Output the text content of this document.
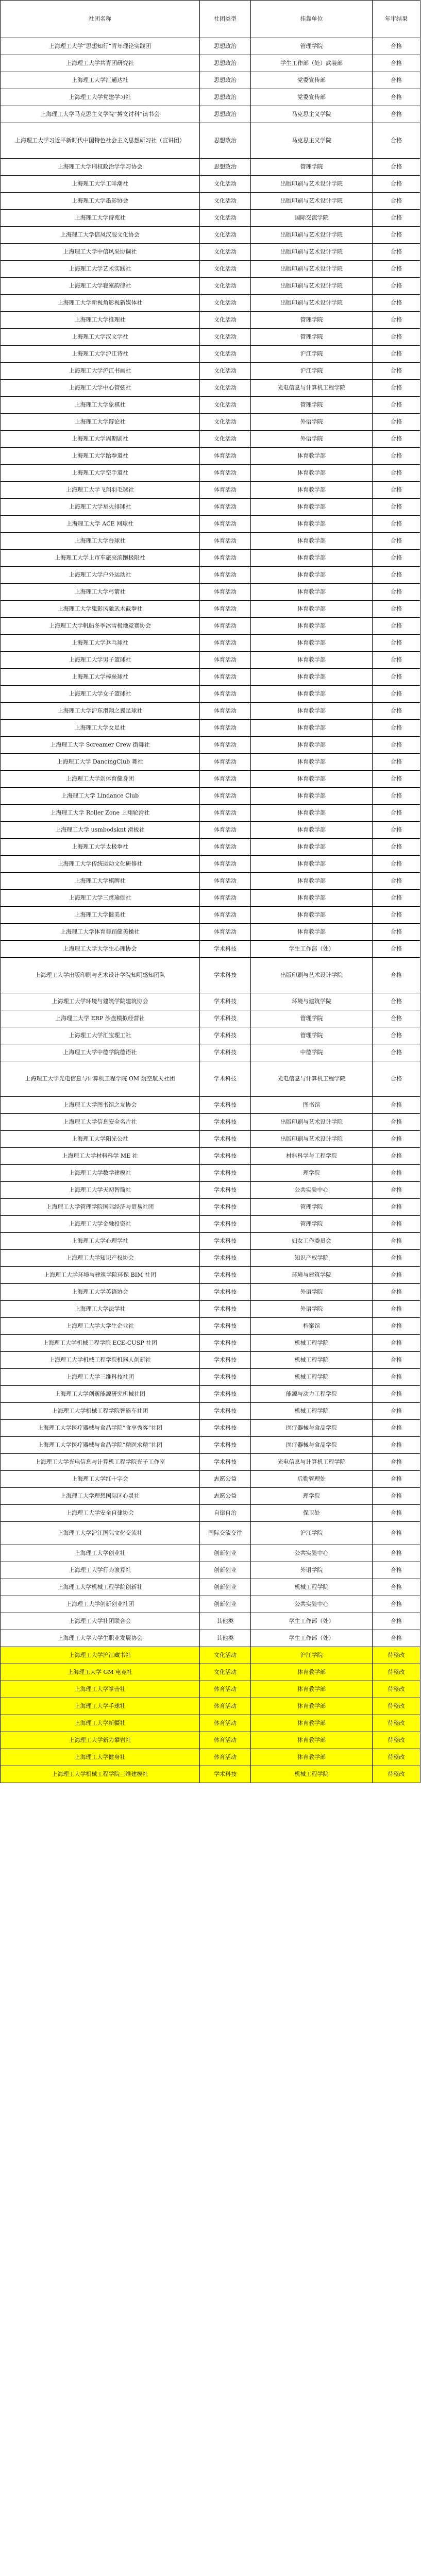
社团名称	社团类型	挂靠单位	年审结果
上海理工大学“思想知行”青年理论实践团	思想政治	管理学院	合格
上海理工大学共青团研究社	思想政治	学生工作部（处）武装部	合格
上海理工大学汇通达社	思想政治	党委宣传部	合格
上海理工大学党建学习社	思想政治	党委宣传部	合格
上海理工大学马克思主义学院“搏文讨科”读书会	思想政治	马克思主义学院	合格
上海理工大学习近平新时代中国特色社会主义思想研习社（宣讲团）	思想政治	马克思主义学院	合格
上海理工大学刑权政治学学习协会	思想政治	管理学院	合格
上海理工大学工咩潮社	文化活动	出版印刷与艺术设计学院	合格
上海理工大学墨影协会	文化活动	出版印刷与艺术设计学院	合格
上海理工大学诗苑社	文化活动	国际交流学院	合格
上海理工大学信凤汉服文化协会	文化活动	出版印刷与艺术设计学院	合格
上海理工大学中信风采协调社	文化活动	出版印刷与艺术设计学院	合格
上海理工大学艺术实践社	文化活动	出版印刷与艺术设计学院	合格
上海理工大学寝室韵律社	文化活动	出版印刷与艺术设计学院	合格
上海理工大学新视角影视新媒体社	文化活动	出版印刷与艺术设计学院	合格
上海理工大学推理社	文化活动	管理学院	合格
上海理工大学汉文学社	文化活动	管理学院	合格
上海理工大学沪江诗社	文化活动	沪江学院	合格
上海理工大学沪江书画社	文化活动	沪江学院	合格
上海理工大学中心管弦社	文化活动	光电信息与计算机工程学院	合格
上海理工大学象棋社	文化活动	管理学院	合格
上海理工大学辩论社	文化活动	外语学院	合格
上海理工大学周期剧社	文化活动	外语学院	合格
上海理工大学跆拳道社	体育活动	体育教学部	合格
上海理工大学空手道社	体育活动	体育教学部	合格
上海理工大学飞翔羽毛球社	体育活动	体育教学部	合格
上海理工大学星火排球社	体育活动	体育教学部	合格
上海理工大学 ACE 网球社	体育活动	体育教学部	合格
上海理工大学台球社	体育活动	体育教学部	合格
上海理工大学上市车旅亮滨跑极限社	体育活动	体育教学部	合格
上海理工大学户外运动社	体育活动	体育教学部	合格
上海理工大学弓箭社	体育活动	体育教学部	合格
上海理工大学鬼影风驰武术截拳社	体育活动	体育教学部	合格
上海理工大学帆船冬季冰雪极地竞赛协会	体育活动	体育教学部	合格
上海理工大学乒乓球社	体育活动	体育教学部	合格
上海理工大学男子篮球社	体育活动	体育教学部	合格
上海理工大学棒垒球社	体育活动	体育教学部	合格
上海理工大学女子篮球社	体育活动	体育教学部	合格
上海理工大学沪东滑翔之翼足球社	体育活动	体育教学部	合格
上海理工大学女足社	体育活动	体育教学部	合格
上海理工大学 Screamer Crew 街舞社	体育活动	体育教学部	合格
上海理工大学 DancingClub 舞社	体育活动	体育教学部	合格
上海理工大学剑体育健身团	体育活动	体育教学部	合格
上海理工大学 Lindance Club	体育活动	体育教学部	合格
上海理工大学 Roller Zone 上翔轮滑社	体育活动	体育教学部	合格
上海理工大学 usmbodsknt 滑板社	体育活动	体育教学部	合格
上海理工大学太极拳社	体育活动	体育教学部	合格
上海理工大学传统运动文化研修社	体育活动	体育教学部	合格
上海理工大学棋牌社	体育活动	体育教学部	合格
上海理工大学三贯瑜伽社	体育活动	体育教学部	合格
上海理工大学健美社	体育活动	体育教学部	合格
上海理工大学体育舞蹈健美操社	体育活动	体育教学部	合格
上海理工大学大学生心理协会	学术科技	学生工作部（处）	合格
上海理工大学出版印刷与艺术设计学院知明感知团队	学术科技	出版印刷与艺术设计学院	合格
上海理工大学环境与建筑学院建筑协会	学术科技	环境与建筑学院	合格
上海理工大学 ERP 沙盘模拟经营社	学术科技	管理学院	合格
上海理工大学汇宝理工社	学术科技	管理学院	合格
上海理工大学中德学院德语社	学术科技	中德学院	合格
上海理工大学光电信息与计算机工程学院 OM 航空航天社团	学术科技	光电信息与计算机工程学院	合格
上海理工大学图书馆之友协会	学术科技	图书馆	合格
上海理工大学信息安全名片社	学术科技	出版印刷与艺术设计学院	合格
上海理工大学阳光公社	学术科技	出版印刷与艺术设计学院	合格
上海理工大学材料科学 ME 社	学术科技	材料科学与工程学院	合格
上海理工大学数学建模社	学术科技	理学院	合格
上海理工大学天初智简社	学术科技	公共实验中心	合格
上海理工大学管理学院国际经济与贸易社团	学术科技	管理学院	合格
上海理工大学金融投资社	学术科技	管理学院	合格
上海理工大学心理学社	学术科技	妇女工作委员会	合格
上海理工大学知识产权协会	学术科技	知识产权学院	合格
上海理工大学环境与建筑学院环保 BIM 社团	学术科技	环境与建筑学院	合格
上海理工大学英语协会	学术科技	外语学院	合格
上海理工大学法学社	学术科技	外语学院	合格
上海理工大学大学生企业社	学术科技	档案馆	合格
上海理工大学机械工程学院 ECE-CUSP 社团	学术科技	机械工程学院	合格
上海理工大学机械工程学院机器人创新社	学术科技	机械工程学院	合格
上海理工大学三维科技社团	学术科技	机械工程学院	合格
上海理工大学创新能源研究机械社团	学术科技	能源与动力工程学院	合格
上海理工大学机械工程学院智能车社团	学术科技	机械工程学院	合格
上海理工大学医疗器械与食品学院“食享秀客”社团	学术科技	医疗器械与食品学院	合格
上海理工大学医疗器械与食品学院“精医求精”社团	学术科技	医疗器械与食品学院	合格
上海理工大学光电信息与计算机工程学院光子工作室	学术科技	光电信息与计算机工程学院	合格
上海理工大学红十字会	志愿公益	后勤管理处	合格
上海理工大学理想国际区心灵社	志愿公益	理学院	合格
上海理工大学安全自律协会	自律自治	保卫处	合格
上海理工大学沪江国际文化交流社	国际交流交往	沪江学院	合格
上海理工大学创业社	创新创业	公共实验中心	合格
上海理工大学行为演算社	创新创业	外语学院	合格
上海理工大学机械工程学院创新社	创新创业	机械工程学院	合格
上海理工大学创新创业社团	创新创业	公共实验中心	合格
上海理工大学社团联合会	其他类	学生工作部（处）	合格
上海理工大学大学生职业发展协会	其他类	学生工作部（处）	合格
上海理工大学沪江藏书社	文化活动	沪江学院	待整改
上海理工大学 GM 电竞社	文化活动	体育教学部	待整改
上海理工大学拳击社	体育活动	体育教学部	待整改
上海理工大学手球社	体育活动	体育教学部	待整改
上海理工大学新疆社	体育活动	体育教学部	待整改
上海理工大学新力攀岩社	体育活动	体育教学部	待整改
上海理工大学健身社	体育活动	体育教学部	待整改
上海理工大学机械工程学院三维建模社	学术科技	机械工程学院	待整改
